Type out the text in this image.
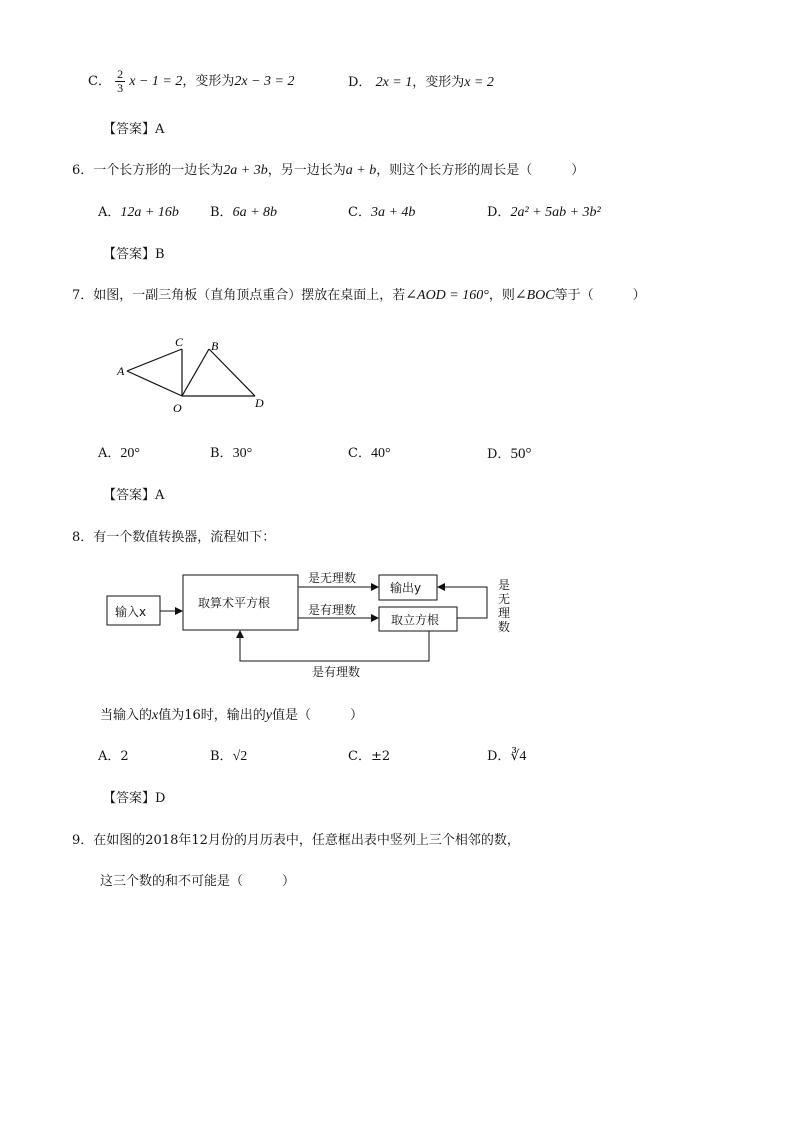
C． $\frac{2}{3}$ x − 1 = 2，变形为2x − 3 = 2	D． 2x = 1，变形为x = 2
【答案】A
6．一个长方形的一边长为2a + 3b，另一边长为a + b，则这个长方形的周长是（　　　）
A．12a + 16b B．6a + 8b	C．3a + 4b	D．2a² + 5ab + 3b²
【答案】B
7．如图，一副三角板（直角顶点重合）摆放在桌面上，若∠AOD = 160°，则∠BOC等于（　　　）
A
B
C
O	D
A．20°	B．30°	C．40°	D．50°
【答案】A
8．有一个数值转换器，流程如下：
输入x
取算术平方根
输出y
取立方根
是无理数
是有理数
是有理数
是
无
理
数
当输入的x值为16时，输出的y值是（　　　）
A．2	B．√2	C．±2	D．∛4
【答案】D
9．在如图的2018年12月份的月历表中，任意框出表中竖列上三个相邻的数，
这三个数的和不可能是（　　　）
